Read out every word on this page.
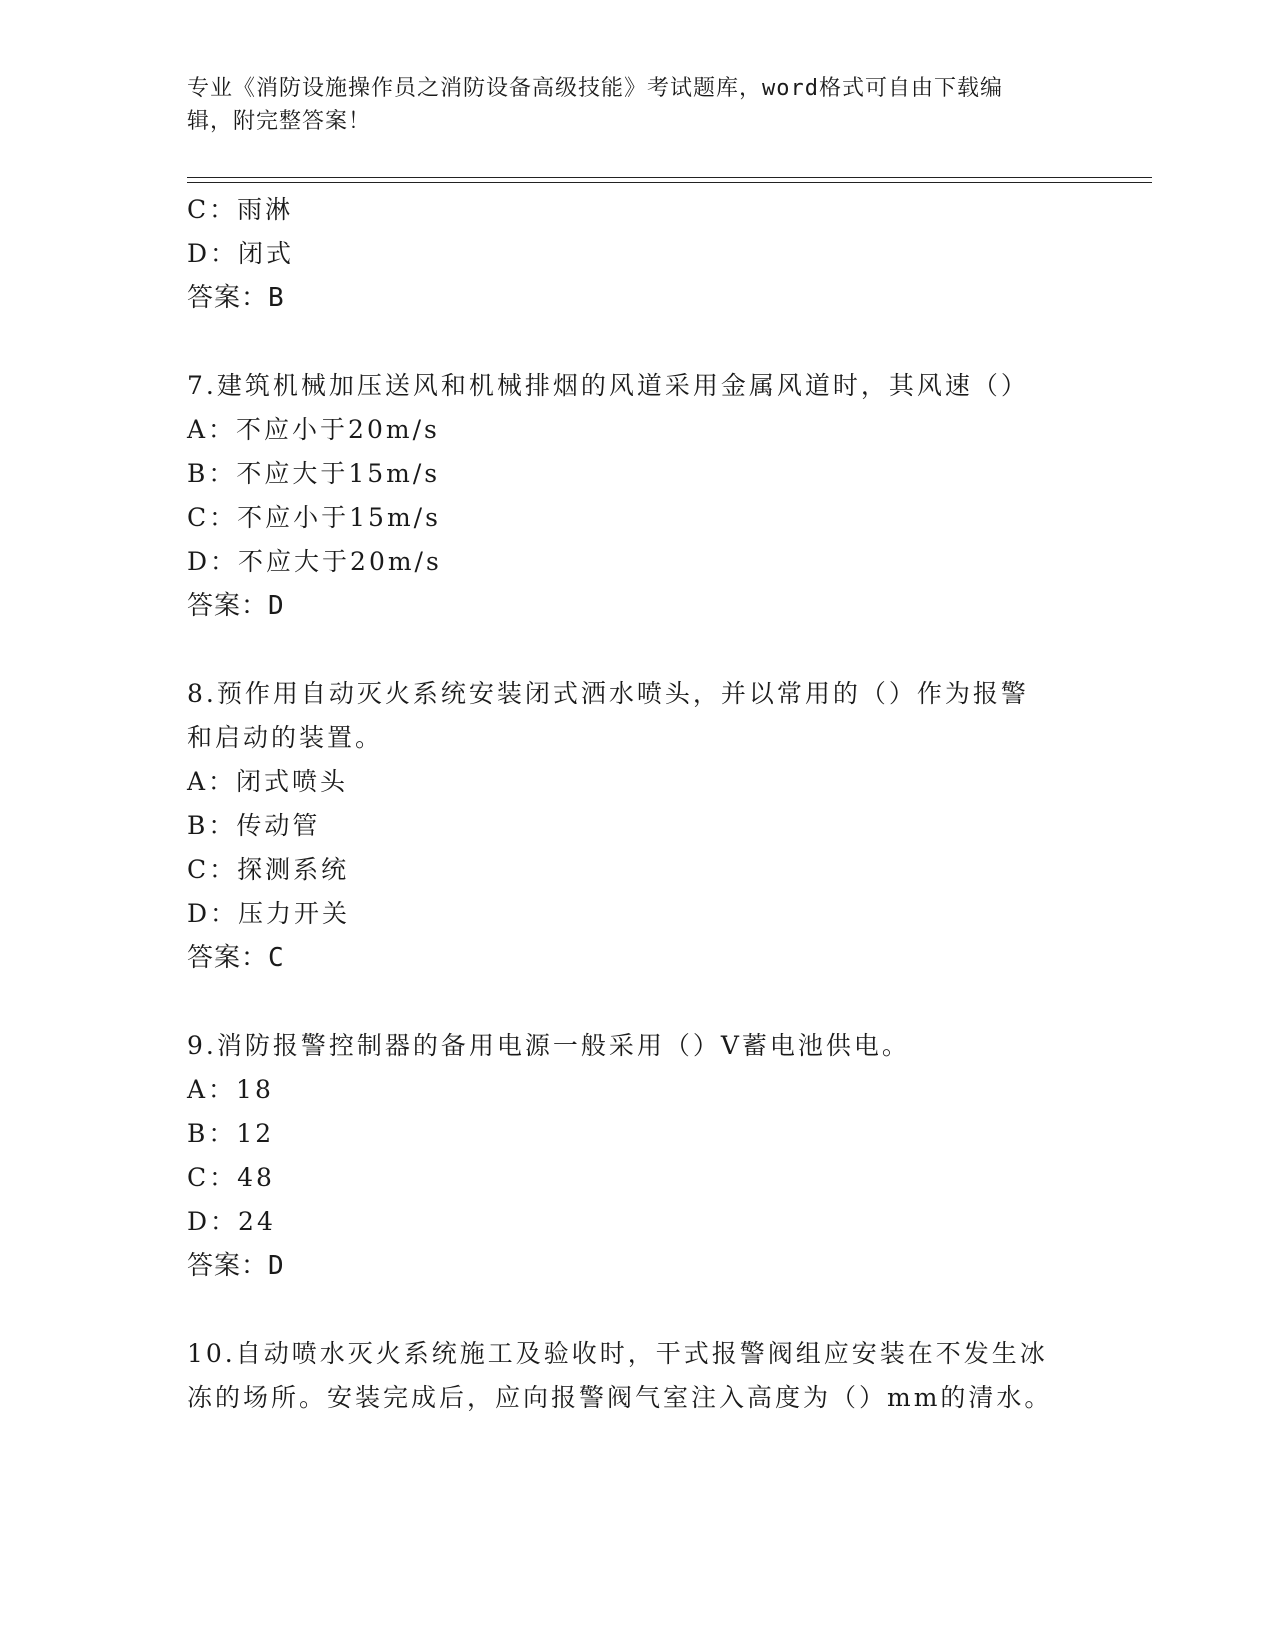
专业《消防设施操作员之消防设备高级技能》考试题库，word格式可自由下载编
辑，附完整答案！
C：雨淋
D：闭式
答案：B
7.建筑机械加压送风和机械排烟的风道采用金属风道时，其风速（）
A：不应小于20m/s
B：不应大于15m/s
C：不应小于15m/s
D：不应大于20m/s
答案：D
8.预作用自动灭火系统安装闭式洒水喷头，并以常用的（）作为报警
和启动的装置。
A：闭式喷头
B：传动管
C：探测系统
D：压力开关
答案：C
9.消防报警控制器的备用电源一般采用（）V蓄电池供电。
A：18
B：12
C：48
D：24
答案：D
10.自动喷水灭火系统施工及验收时，干式报警阀组应安装在不发生冰
冻的场所。安装完成后，应向报警阀气室注入高度为（）mm的清水。
